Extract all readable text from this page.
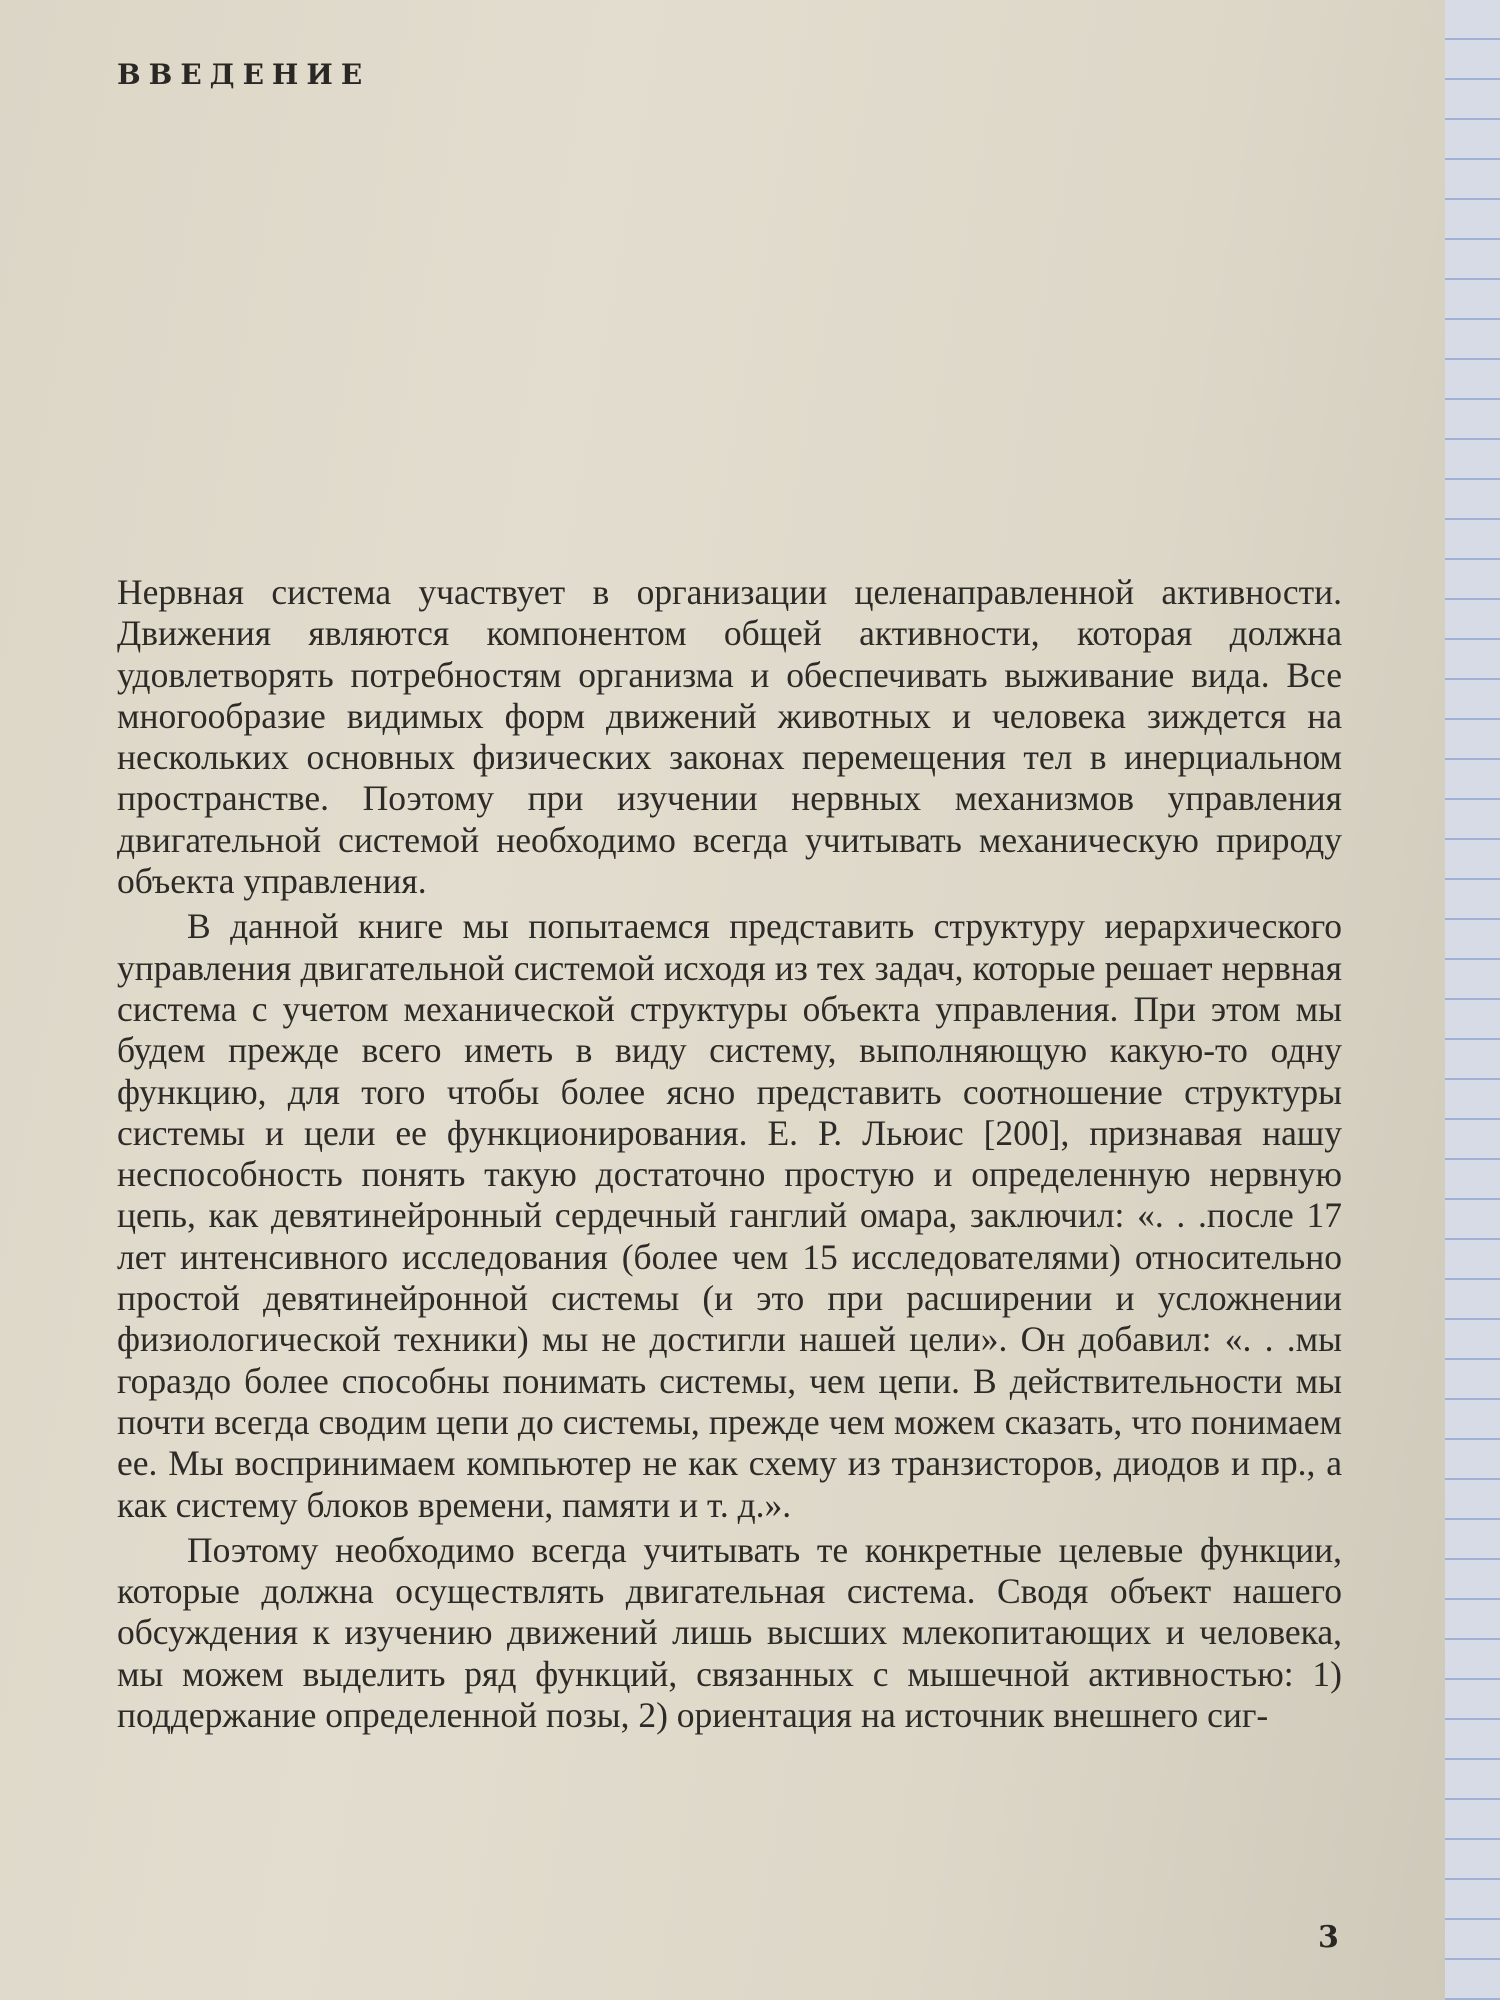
ВВЕДЕНИЕ

Нервная система участвует в организации целенаправленной активности. Движения являются компонентом общей активности, которая должна удовлетворять потребностям организма и обеспечивать выживание вида. Все многообразие видимых форм движений животных и человека зиждется на нескольких основных физических законах перемещения тел в инерциальном пространстве. Поэтому при изучении нервных механизмов управления двигательной системой необходимо всегда учитывать механическую природу объекта управления.

В данной книге мы попытаемся представить структуру иерархического управления двигательной системой исходя из тех задач, которые решает нервная система с учетом механической структуры объекта управления. При этом мы будем прежде всего иметь в виду систему, выполняющую какую-то одну функцию, для того чтобы более ясно представить соотношение структуры системы и цели ее функционирования. Е. Р. Льюис [200], признавая нашу неспособность понять такую достаточно простую и определенную нервную цепь, как девятинейронный сердечный ганглий омара, заключил: «. . .после 17 лет интенсивного исследования (более чем 15 исследователями) относительно простой девятинейронной системы (и это при расширении и усложнении физиологической техники) мы не достигли нашей цели». Он добавил: «. . .мы гораздо более способны понимать системы, чем цепи. В действительности мы почти всегда сводим цепи до системы, прежде чем можем сказать, что понимаем ее. Мы воспринимаем компьютер не как схему из транзисторов, диодов и пр., а как систему блоков времени, памяти и т. д.».

Поэтому необходимо всегда учитывать те конкретные целевые функции, которые должна осуществлять двигательная система. Сводя объект нашего обсуждения к изучению движений лишь высших млекопитающих и человека, мы можем выделить ряд функций, связанных с мышечной активностью: 1) поддержание определенной позы, 2) ориентация на источник внешнего сиг-

3
